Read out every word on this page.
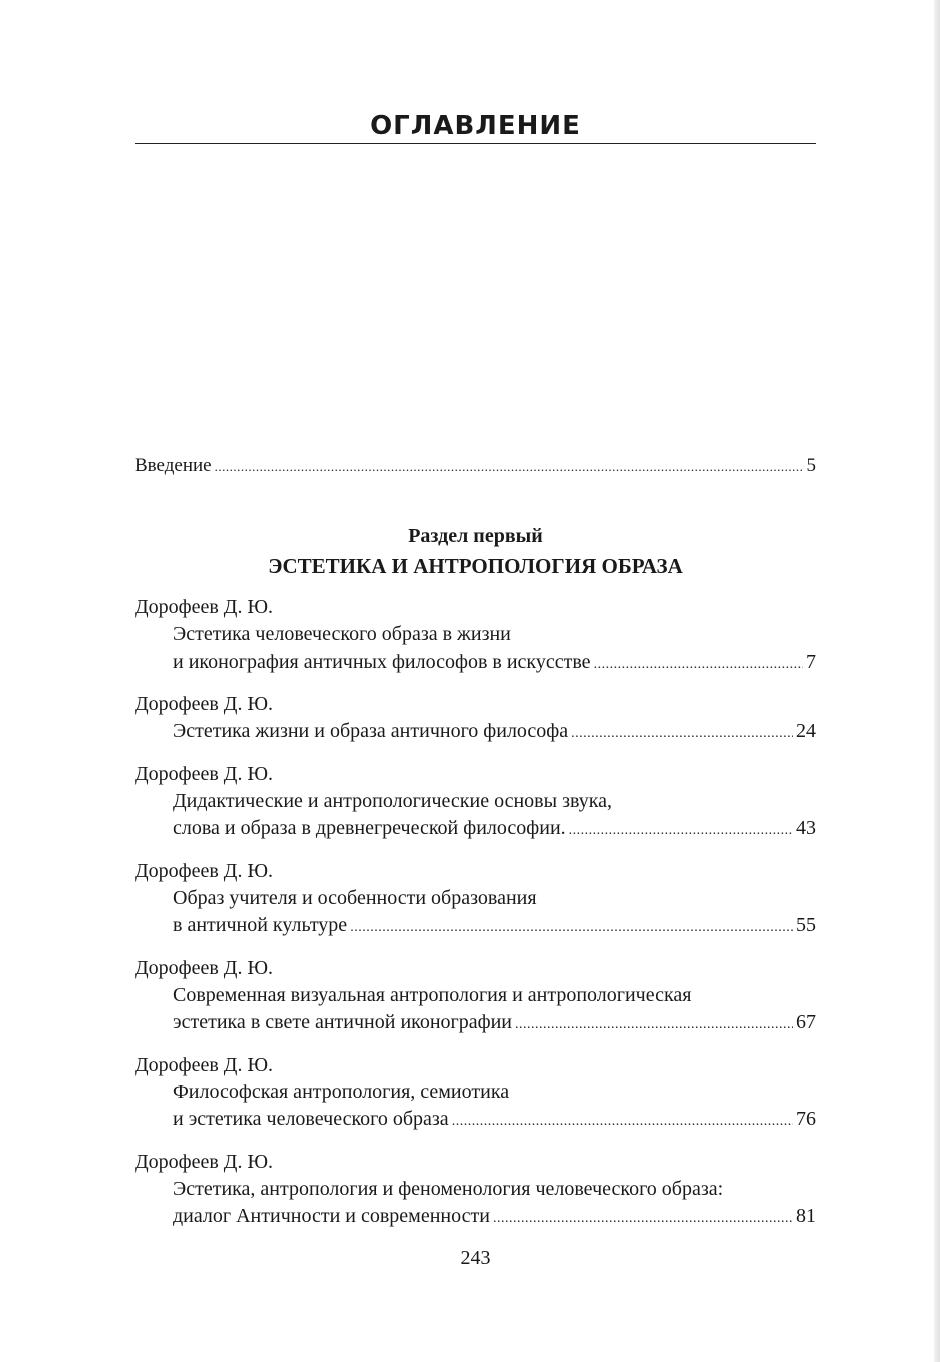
ОГЛАВЛЕНИЕ
Введение .....	5
Раздел первый
ЭСТЕТИКА И АНТРОПОЛОГИЯ ОБРАЗА
Дорофеев Д. Ю.
Эстетика человеческого образа в жизни
и иконография античных философов в искусстве .....	7
Дорофеев Д. Ю.
Эстетика жизни и образа античного философа .....	24
Дорофеев Д. Ю.
Дидактические и антропологические основы звука,
слова и образа в древнегреческой философии. .....	43
Дорофеев Д. Ю.
Образ учителя и особенности образования
в античной культуре .....	55
Дорофеев Д. Ю.
Современная визуальная антропология и антропологическая
эстетика в свете античной иконографии .....	67
Дорофеев Д. Ю.
Философская антропология, семиотика
и эстетика человеческого образа .....	76
Дорофеев Д. Ю.
Эстетика, антропология и феноменология человеческого образа:
диалог Античности и современности .....	81
243
